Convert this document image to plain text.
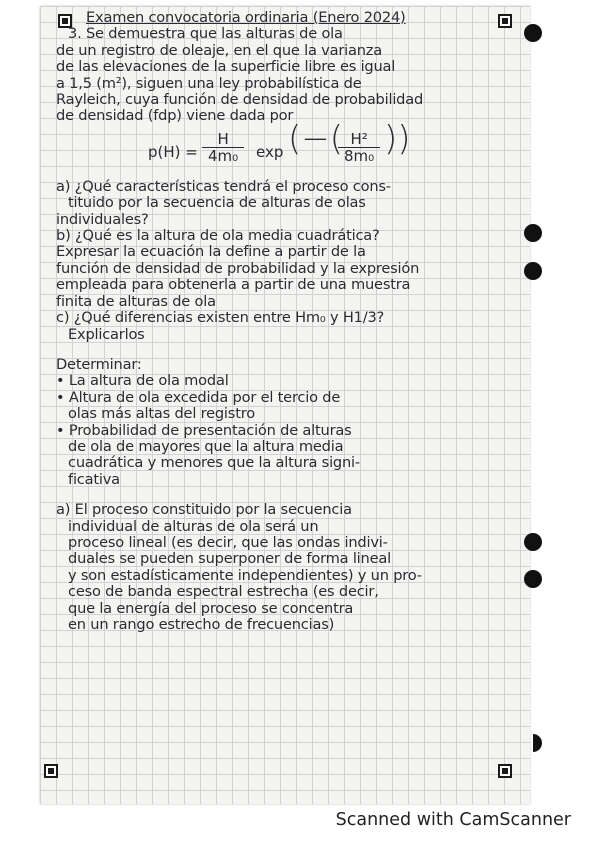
Examen convocatoria ordinaria (Enero 2024)
3. Se demuestra que las alturas de ola
de un registro de oleaje, en el que la varianza
de las elevaciones de la superficie libre es igual
a 1,5 (m²), siguen una ley probabilística de
Rayleich, cuya función de densidad de probabilidad
de densidad (fdp) viene dada por
$p(H) = \frac{H}{\text{4m₀}}$ exp (−(
$\frac{\text{H²}}{\text{8m₀}}$ ))
a) ¿Qué características tendrá el proceso cons-
tituido por la secuencia de alturas de olas
individuales?
b) ¿Qué es la altura de ola media cuadrática?
Expresar la ecuación la define a partir de la
función de densidad de probabilidad y la expresión
empleada para obtenerla a partir de una muestra
finita de alturas de ola
c) ¿Qué diferencias existen entre Hm₀ y H1/3?
Explicarlos
Determinar:
• La altura de ola modal
• Altura de ola excedida por el tercio de
olas más altas del registro
• Probabilidad de presentación de alturas
de ola de mayores que la altura media
cuadrática y menores que la altura signi-
ficativa
a) El proceso constituido por la secuencia
individual de alturas de ola será un
proceso lineal (es decir, que las ondas indivi-
duales se pueden superponer de forma lineal
y son estadísticamente independientes) y un pro-
ceso de banda espectral estrecha (es decir,
que la energía del proceso se concentra
en un rango estrecho de frecuencias)
Scanned with CamScanner
